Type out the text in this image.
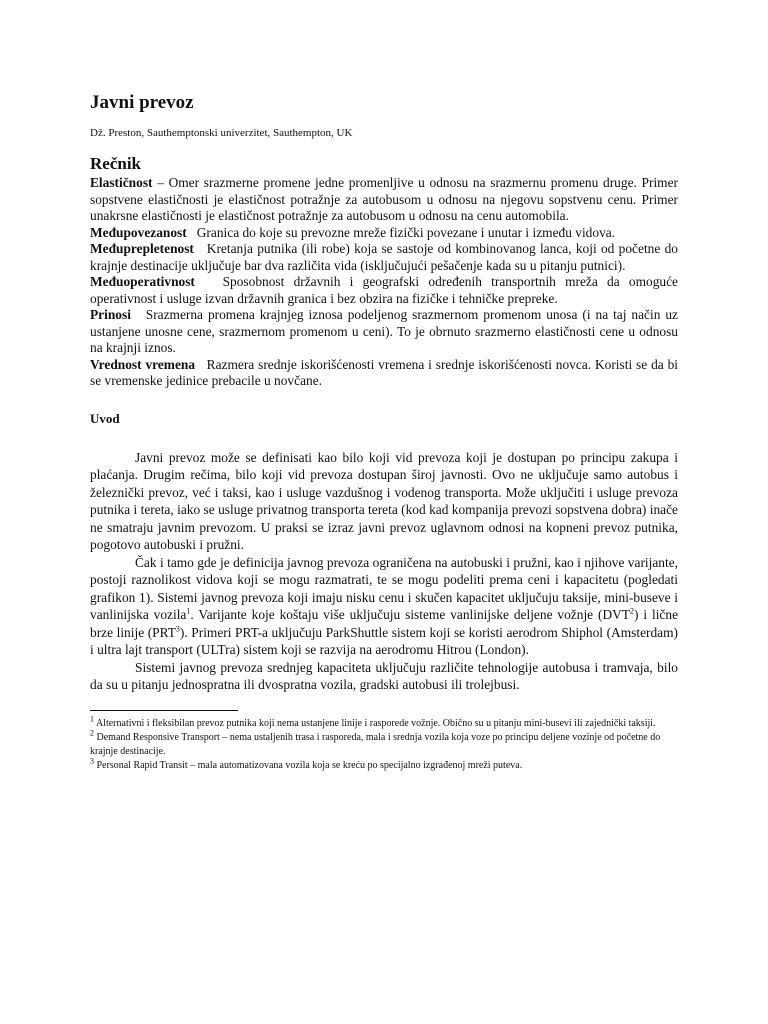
Javni prevoz

Dž. Preston, Sauthemptonski univerzitet, Sauthempton, UK

Rečnik

Elastičnost – Omer srazmerne promene jedne promenljive u odnosu na srazmernu promenu druge. Primer sopstvene elastičnosti je elastičnost potražnje za autobusom u odnosu na njegovu sopstvenu cenu. Primer unakrsne elastičnosti je elastičnost potražnje za autobusom u odnosu na cenu automobila.

Međupovezanost Granica do koje su prevozne mreže fizički povezane i unutar i između vidova.

Međuprepletenost Kretanja putnika (ili robe) koja se sastoje od kombinovanog lanca, koji od početne do krajnje destinacije uključuje bar dva različita vida (isključujući pešačenje kada su u pitanju putnici).

Međuoperativnost Sposobnost državnih i geografski određenih transportnih mreža da omoguće operativnost i usluge izvan državnih granica i bez obzira na fizičke i tehničke prepreke.

Prinosi Srazmerna promena krajnjeg iznosa podeljenog srazmernom promenom unosa (i na taj način uz ustanjene unosne cene, srazmernom promenom u ceni). To je obrnuto srazmerno elastičnosti cene u odnosu na krajnji iznos.

Vrednost vremena Razmera srednje iskorišćenosti vremena i srednje iskorišćenosti novca. Koristi se da bi se vremenske jedinice prebacile u novčane.

Uvod

Javni prevoz može se definisati kao bilo koji vid prevoza koji je dostupan po principu zakupa i plaćanja. Drugim rečima, bilo koji vid prevoza dostupan široj javnosti. Ovo ne uključuje samo autobus i železnički prevoz, već i taksi, kao i usluge vazdušnog i vodenog transporta. Može uključiti i usluge prevoza putnika i tereta, iako se usluge privatnog transporta tereta (kod kad kompanija prevozi sopstvena dobra) inače ne smatraju javnim prevozom. U praksi se izraz javni prevoz uglavnom odnosi na kopneni prevoz putnika, pogotovo autobuski i pružni.

Čak i tamo gde je definicija javnog prevoza ograničena na autobuski i pružni, kao i njihove varijante, postoji raznolikost vidova koji se mogu razmatrati, te se mogu podeliti prema ceni i kapacitetu (pogledati grafikon 1). Sistemi javnog prevoza koji imaju nisku cenu i skučen kapacitet uključuju taksije, mini-buseve i vanlinijska vozila$^1$. Varijante koje koštaju više uključuju sisteme vanlinijske deljene vožnje (DVT$^2$) i lične brze linije (PRT$^3$). Primeri PRT-a uključuju ParkShuttle sistem koji se koristi aerodrom Shiphol (Amsterdam) i ultra lajt transport (ULTra) sistem koji se razvija na aerodromu Hitrou (London).

Sistemi javnog prevoza srednjeg kapaciteta uključuju različite tehnologije autobusa i tramvaja, bilo da su u pitanju jednospratna ili dvospratna vozila, gradski autobusi ili trolejbusi.

$^1$ Alternativni i fleksibilan prevoz putnika koji nema ustanjene linije i rasporede vožnje. Obično su u pitanju mini-busevi ili zajednički taksiji.

$^2$ Demand Responsive Transport – nema ustaljenih trasa i rasporeda, mala i srednja vozila koja voze po principu deljene vozinje od početne do krajnje destinacije.

$^3$ Personal Rapid Transit – mala automatizovana vozila koja se kreću po specijalno izgrađenoj mreži puteva.
